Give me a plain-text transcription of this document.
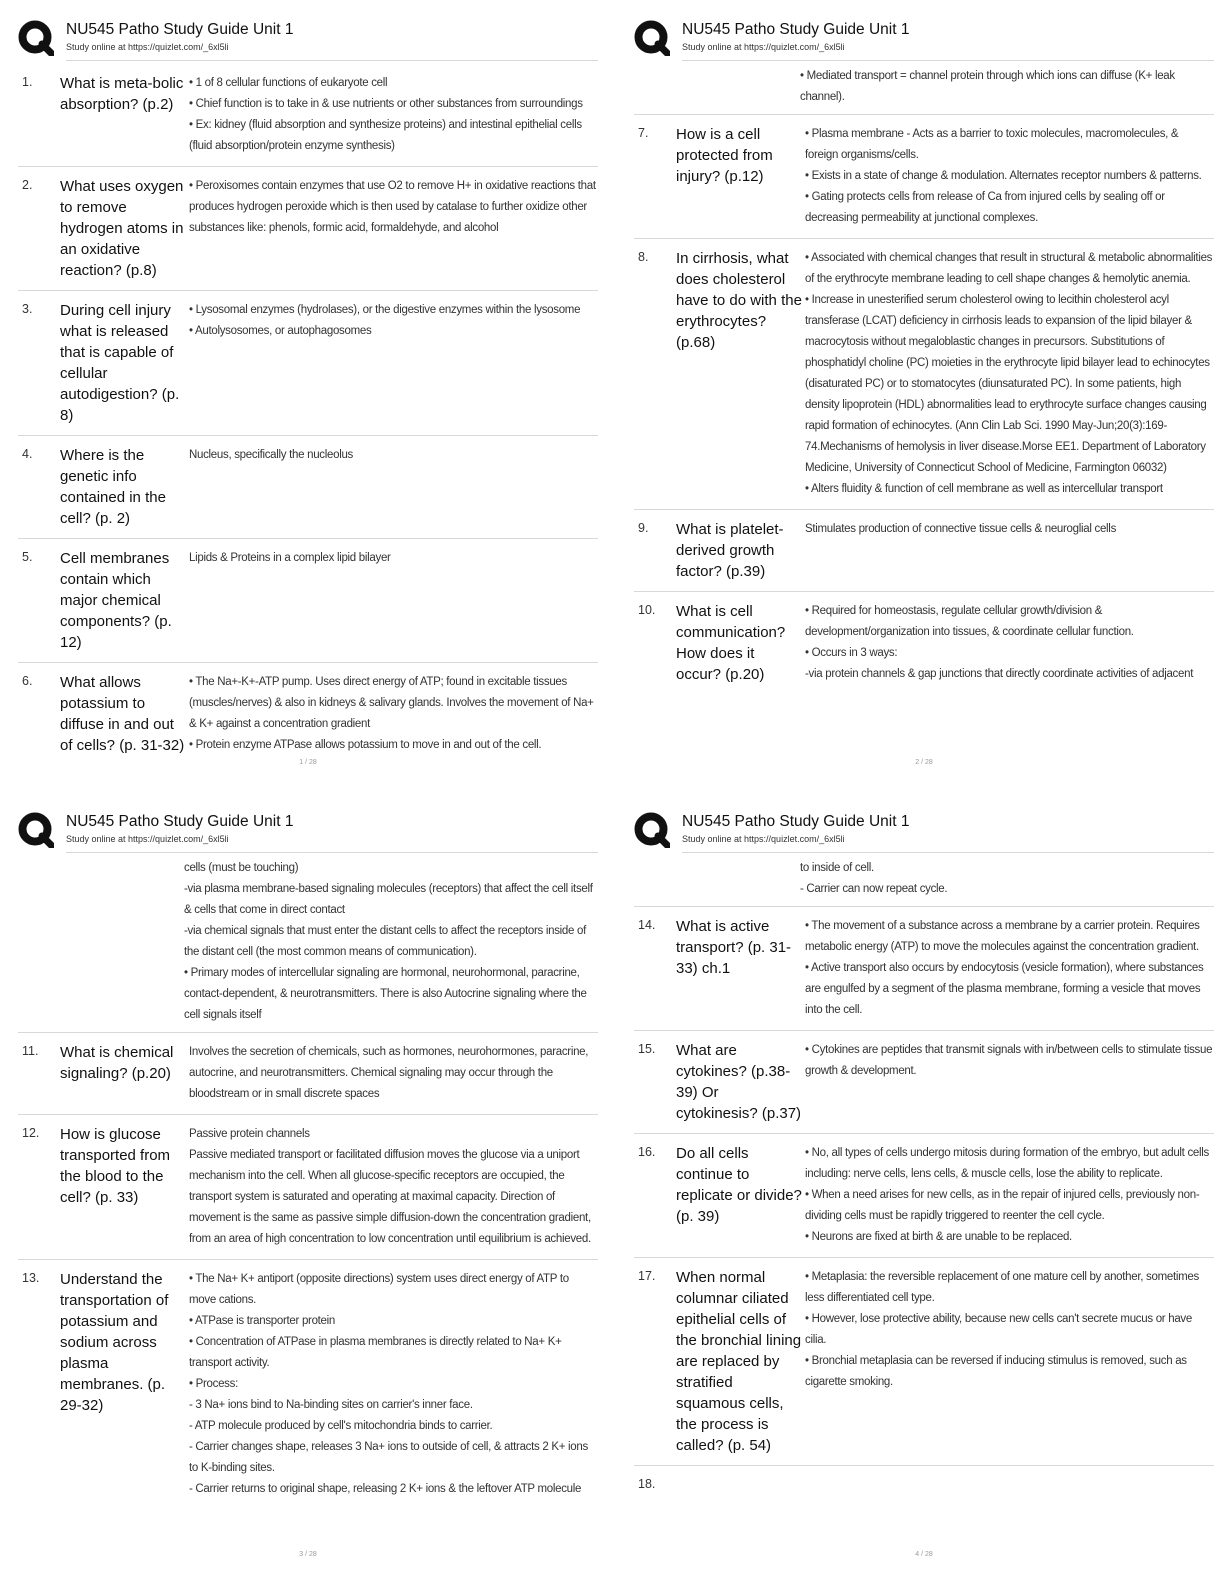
NU545 Patho Study Guide Unit 1
Study online at https://quizlet.com/_6xl5li
1.	What is meta-bolic absorption? (p.2)

• 1 of 8 cellular functions of eukaryote cell

• Chief function is to take in & use nutrients or other substances from surroundings

• Ex: kidney (fluid absorption and synthesize proteins) and intestinal epithelial cells (fluid absorption/protein enzyme synthesis)

2.	What uses oxygen to remove hydrogen atoms in an oxidative reaction? (p.8)

• Peroxisomes contain enzymes that use O2 to remove H+ in oxidative reactions that produces hydrogen peroxide which is then used by catalase to further oxidize other substances like: phenols, formic acid, formaldehyde, and alcohol

3.	During cell injury what is released that is capable of cellular autodigestion? (p. 8)

• Lysosomal enzymes (hydrolases), or the digestive enzymes within the lysosome

• Autolysosomes, or autophagosomes

4.	Where is the genetic info contained in the cell? (p. 2)

Nucleus, specifically the nucleolus

5.	Cell membranes contain which major chemical components? (p. 12)

Lipids & Proteins in a complex lipid bilayer

6.	What allows potassium to diffuse in and out of cells? (p. 31-32)

• The Na+-K+-ATP pump. Uses direct energy of ATP; found in excitable tissues (muscles/nerves) & also in kidneys & salivary glands. Involves the movement of Na+ & K+ against a concentration gradient

• Protein enzyme ATPase allows potassium to move in and out of the cell.

1 / 28
NU545 Patho Study Guide Unit 1
Study online at https://quizlet.com/_6xl5li

• Mediated transport = channel protein through which ions can diffuse (K+ leak channel).

7.	How is a cell protected from injury? (p.12)

• Plasma membrane - Acts as a barrier to toxic molecules, macromolecules, & foreign organisms/cells.

• Exists in a state of change & modulation. Alternates receptor numbers & patterns.

• Gating protects cells from release of Ca from injured cells by sealing off or decreasing permeability at junctional complexes.

8.	In cirrhosis, what does cholesterol have to do with the erythrocytes? (p.68)

• Associated with chemical changes that result in structural & metabolic abnormalities of the erythrocyte membrane leading to cell shape changes & hemolytic anemia.

• Increase in unesterified serum cholesterol owing to lecithin cholesterol acyl transferase (LCAT) deficiency in cirrhosis leads to expansion of the lipid bilayer & macrocytosis without megaloblastic changes in precursors. Substitutions of phosphatidyl choline (PC) moieties in the erythrocyte lipid bilayer lead to echinocytes (disaturated PC) or to stomatocytes (diunsaturated PC). In some patients, high density lipoprotein (HDL) abnormalities lead to erythrocyte surface changes causing rapid formation of echinocytes. (Ann Clin Lab Sci. 1990 May-Jun;20(3):169-74.Mechanisms of hemolysis in liver disease.Morse EE1. Department of Laboratory Medicine, University of Connecticut School of Medicine, Farmington 06032)

• Alters fluidity & function of cell membrane as well as intercellular transport

9.	What is platelet-derived growth factor? (p.39)

Stimulates production of connective tissue cells & neuroglial cells

10.	What is cell communication? How does it occur? (p.20)

• Required for homeostasis, regulate cellular growth/division & development/organization into tissues, & coordinate cellular function.

• Occurs in 3 ways:

-via protein channels & gap junctions that directly coordinate activities of adjacent

2 / 28
NU545 Patho Study Guide Unit 1
Study online at https://quizlet.com/_6xl5li

cells (must be touching)

-via plasma membrane-based signaling molecules (receptors) that affect the cell itself & cells that come in direct contact

-via chemical signals that must enter the distant cells to affect the receptors inside of the distant cell (the most common means of communication).

• Primary modes of intercellular signaling are hormonal, neurohormonal, paracrine, contact-dependent, & neurotransmitters. There is also Autocrine signaling where the cell signals itself

11.	What is chemical signaling? (p.20)

Involves the secretion of chemicals, such as hormones, neurohormones, paracrine, autocrine, and neurotransmitters. Chemical signaling may occur through the bloodstream or in small discrete spaces

12.	How is glucose transported from the blood to the cell? (p. 33)

Passive protein channels

Passive mediated transport or facilitated diffusion moves the glucose via a uniport mechanism into the cell. When all glucose-specific receptors are occupied, the transport system is saturated and operating at maximal capacity. Direction of movement is the same as passive simple diffusion-down the concentration gradient, from an area of high concentration to low concentration until equilibrium is achieved.

13.	Understand the transportation of potassium and sodium across plasma membranes. (p. 29-32)

• The Na+ K+ antiport (opposite directions) system uses direct energy of ATP to move cations.

• ATPase is transporter protein

• Concentration of ATPase in plasma membranes is directly related to Na+ K+ transport activity.

• Process:

- 3 Na+ ions bind to Na-binding sites on carrier's inner face.

- ATP molecule produced by cell's mitochondria binds to carrier.

- Carrier changes shape, releases 3 Na+ ions to outside of cell, & attracts 2 K+ ions to K-binding sites.

- Carrier returns to original shape, releasing 2 K+ ions & the leftover ATP molecule

3 / 28
NU545 Patho Study Guide Unit 1
Study online at https://quizlet.com/_6xl5li

to inside of cell.

- Carrier can now repeat cycle.

14.	What is active transport? (p. 31-33) ch.1

• The movement of a substance across a membrane by a carrier protein. Requires metabolic energy (ATP) to move the molecules against the concentration gradient.

• Active transport also occurs by endocytosis (vesicle formation), where substances are engulfed by a segment of the plasma membrane, forming a vesicle that moves into the cell.

15.	What are cytokines? (p.38-39) Or cytokinesis? (p.37)

• Cytokines are peptides that transmit signals with in/between cells to stimulate tissue growth & development.

16.	Do all cells continue to replicate or divide? (p. 39)

• No, all types of cells undergo mitosis during formation of the embryo, but adult cells including: nerve cells, lens cells, & muscle cells, lose the ability to replicate.

• When a need arises for new cells, as in the repair of injured cells, previously non-dividing cells must be rapidly triggered to reenter the cell cycle.

• Neurons are fixed at birth & are unable to be replaced.

17.	When normal columnar ciliated epithelial cells of the bronchial lining are replaced by stratified squamous cells, the process is called? (p. 54)

• Metaplasia: the reversible replacement of one mature cell by another, sometimes less differentiated cell type.

• However, lose protective ability, because new cells can't secrete mucus or have cilia.

• Bronchial metaplasia can be reversed if inducing stimulus is removed, such as cigarette smoking.

18.
4 / 28
